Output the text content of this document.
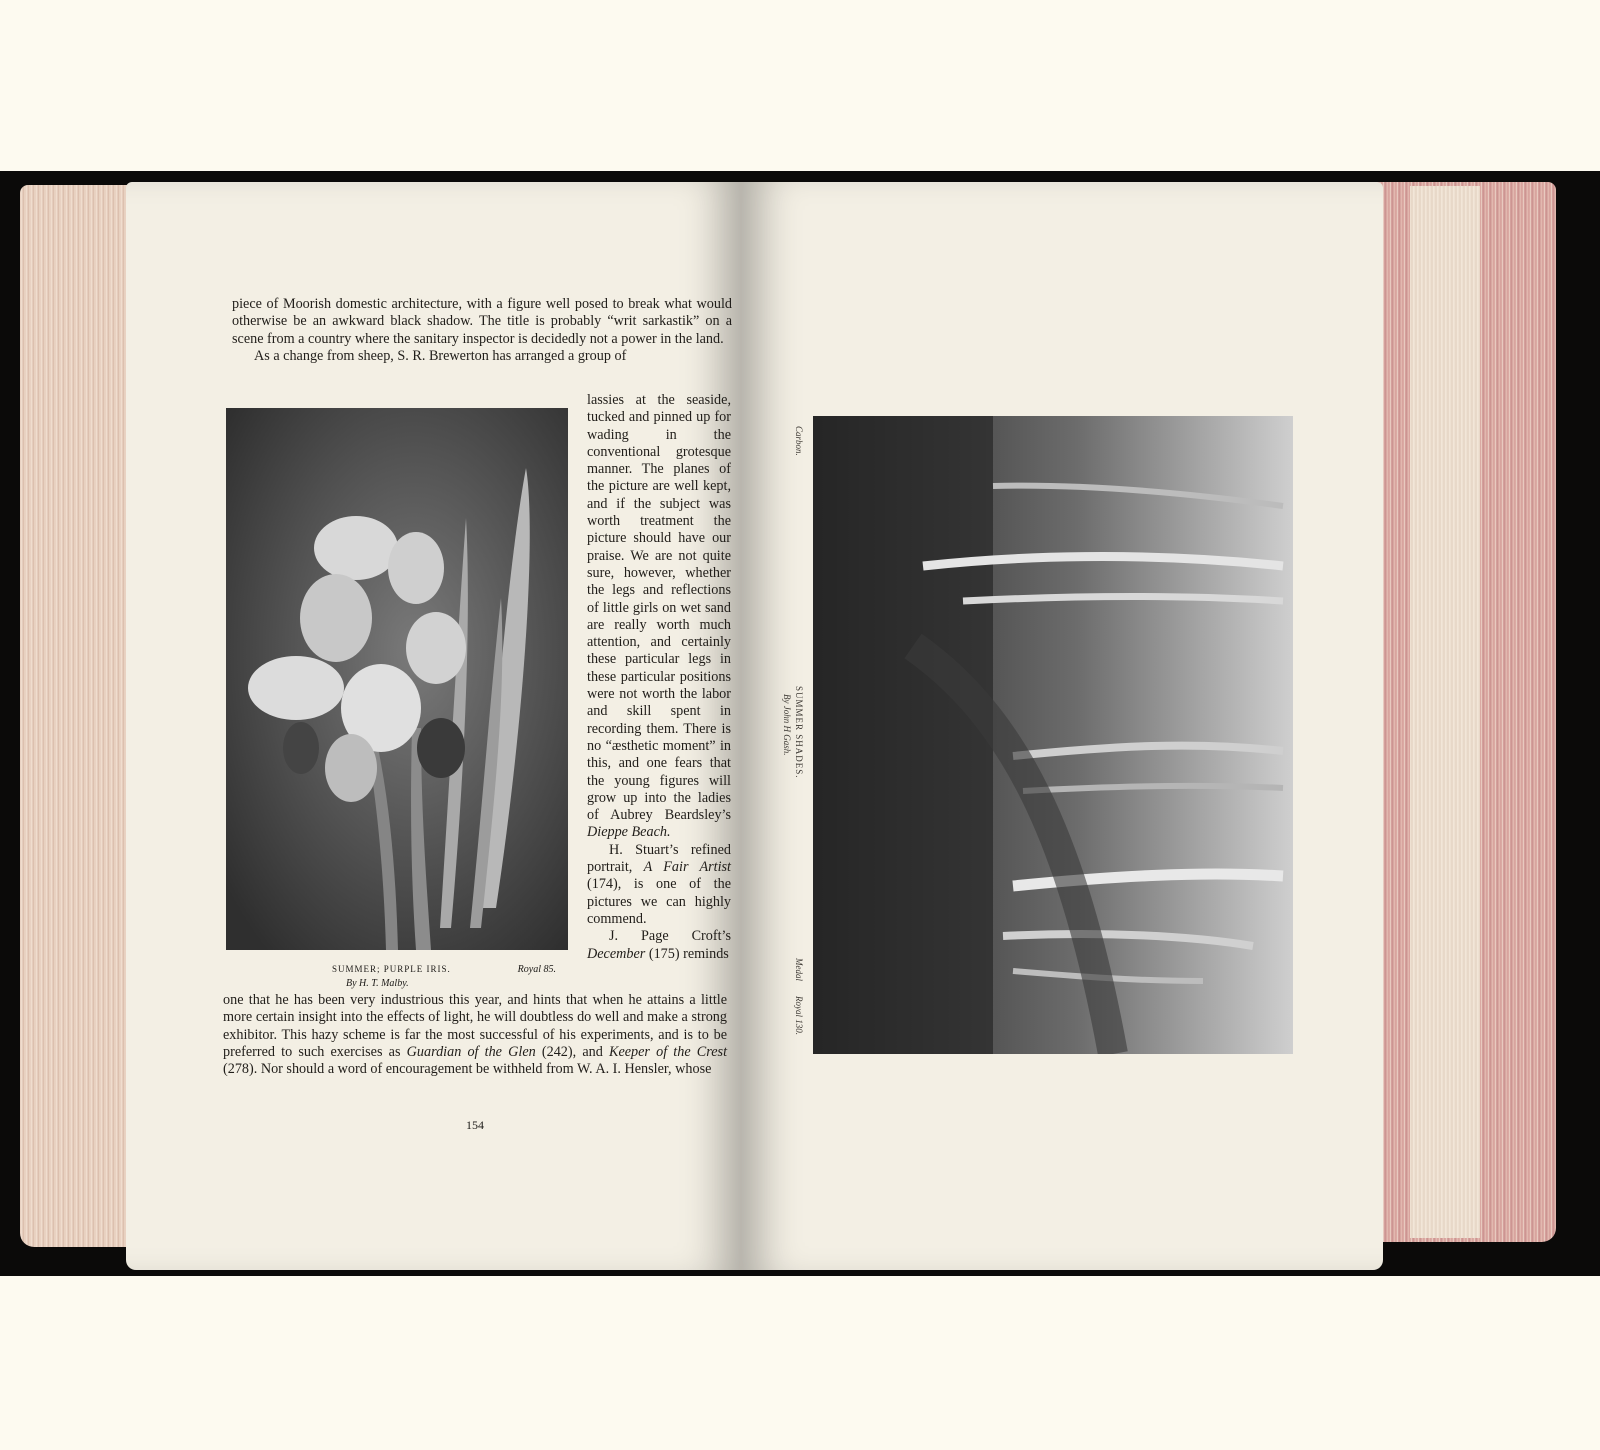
piece of Moorish domestic architecture, with a figure well posed to break what would otherwise be an awkward black shadow. The title is probably “writ sarkastik” on a scene from a country where the sanitary inspector is decidedly not a power in the land.

As a change from sheep, S. R. Brewerton has arranged a group of

lassies at the seaside, tucked and pinned up for wading in the conventional grotesque manner. The planes of the picture are well kept, and if the subject was worth treatment the picture should have our praise. We are not quite sure, however, whether the legs and reflections of little girls on wet sand are really worth much attention, and certainly these particular legs in these particular positions were not worth the labor and skill spent in recording them. There is no “æsthetic moment” in this, and one fears that the young figures will grow up into the ladies of Aubrey Beardsley’s Dieppe Beach.

H. Stuart’s refined portrait, A Fair Artist (174), is one of the pictures we can highly commend.

J. Page Croft’s December (175) reminds

SUMMER; PURPLE IRIS.	Royal 85.
By H. T. Malby.

one that he has been very industrious this year, and hints that when he attains a little more certain insight into the effects of light, he will doubtless do well and make a strong exhibitor. This hazy scheme is far the most successful of his experiments, and is to be preferred to such exercises as Guardian of the Glen (242), and Keeper of the Crest (278). Nor should a word of encouragement be withheld from W. A. I. Hensler, whose

154
Carbon.
SUMMER SHADES.
By John H Gash.
Medal
Royal 130.
